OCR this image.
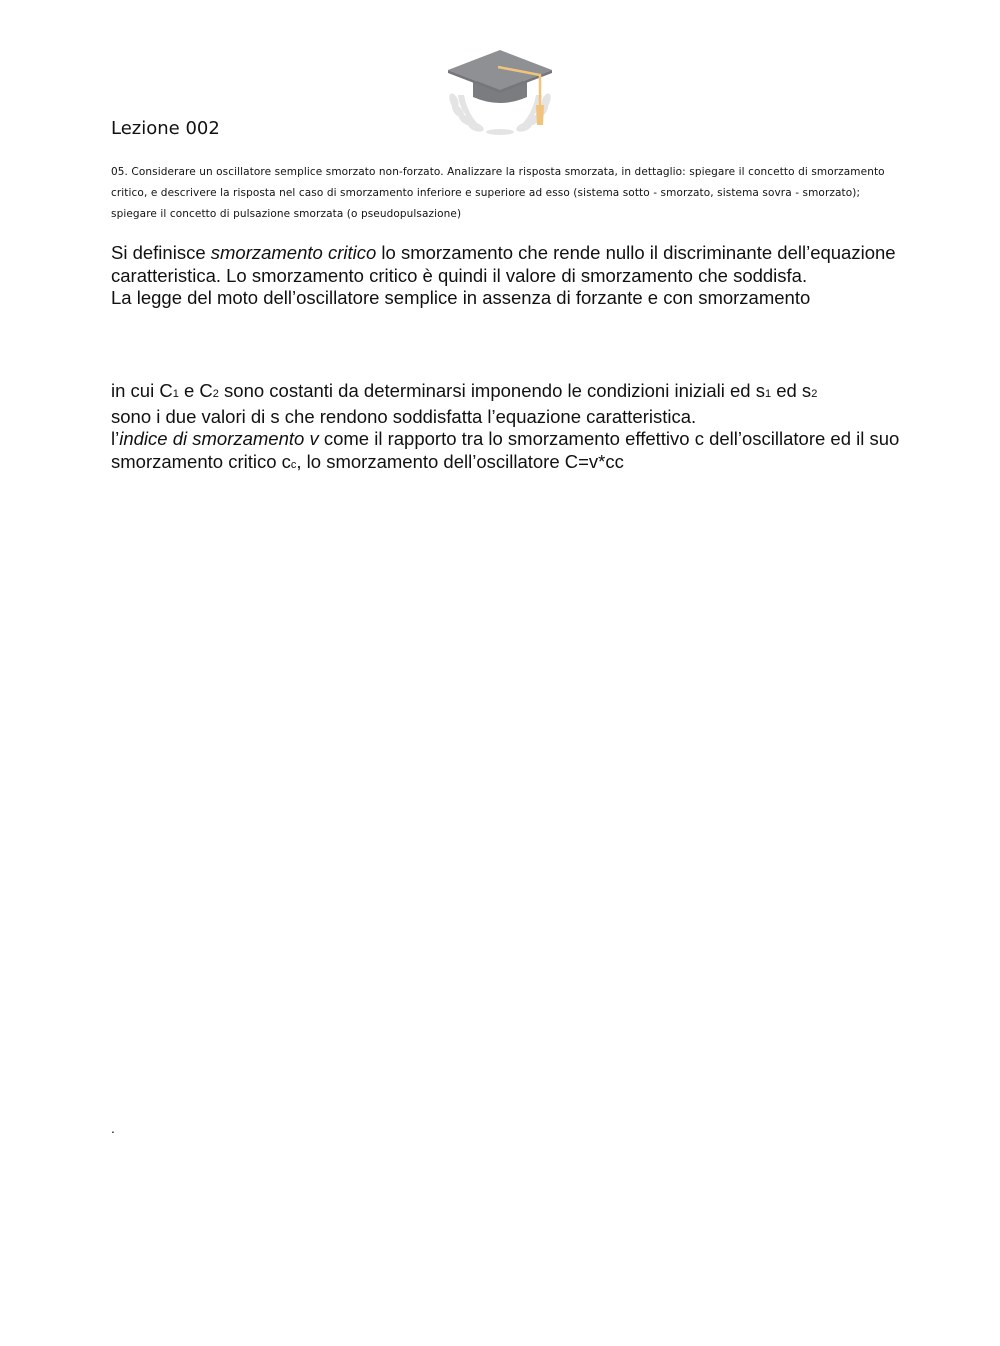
Lezione 002

05. Considerare un oscillatore semplice smorzato non-forzato. Analizzare la risposta smorzata, in dettaglio: spiegare il concetto di smorzamento critico, e descrivere la risposta nel caso di smorzamento inferiore e superiore ad esso (sistema sotto - smorzato, sistema sovra - smorzato); spiegare il concetto di pulsazione smorzata (o pseudopulsazione)

Si definisce smorzamento critico lo smorzamento che rende nullo il discriminante dell’equazione caratteristica. Lo smorzamento critico è quindi il valore di smorzamento che soddisfa.
La legge del moto dell’oscillatore semplice in assenza di forzante e con smorzamento

in cui C1 e C2 sono costanti da determinarsi imponendo le condizioni iniziali ed s1 ed s2
sono i due valori di s che rendono soddisfatta l’equazione caratteristica.
l’indice di smorzamento v come il rapporto tra lo smorzamento effettivo c dell’oscillatore ed il suo smorzamento critico cc, lo smorzamento dell’oscillatore C=v*cc

.
